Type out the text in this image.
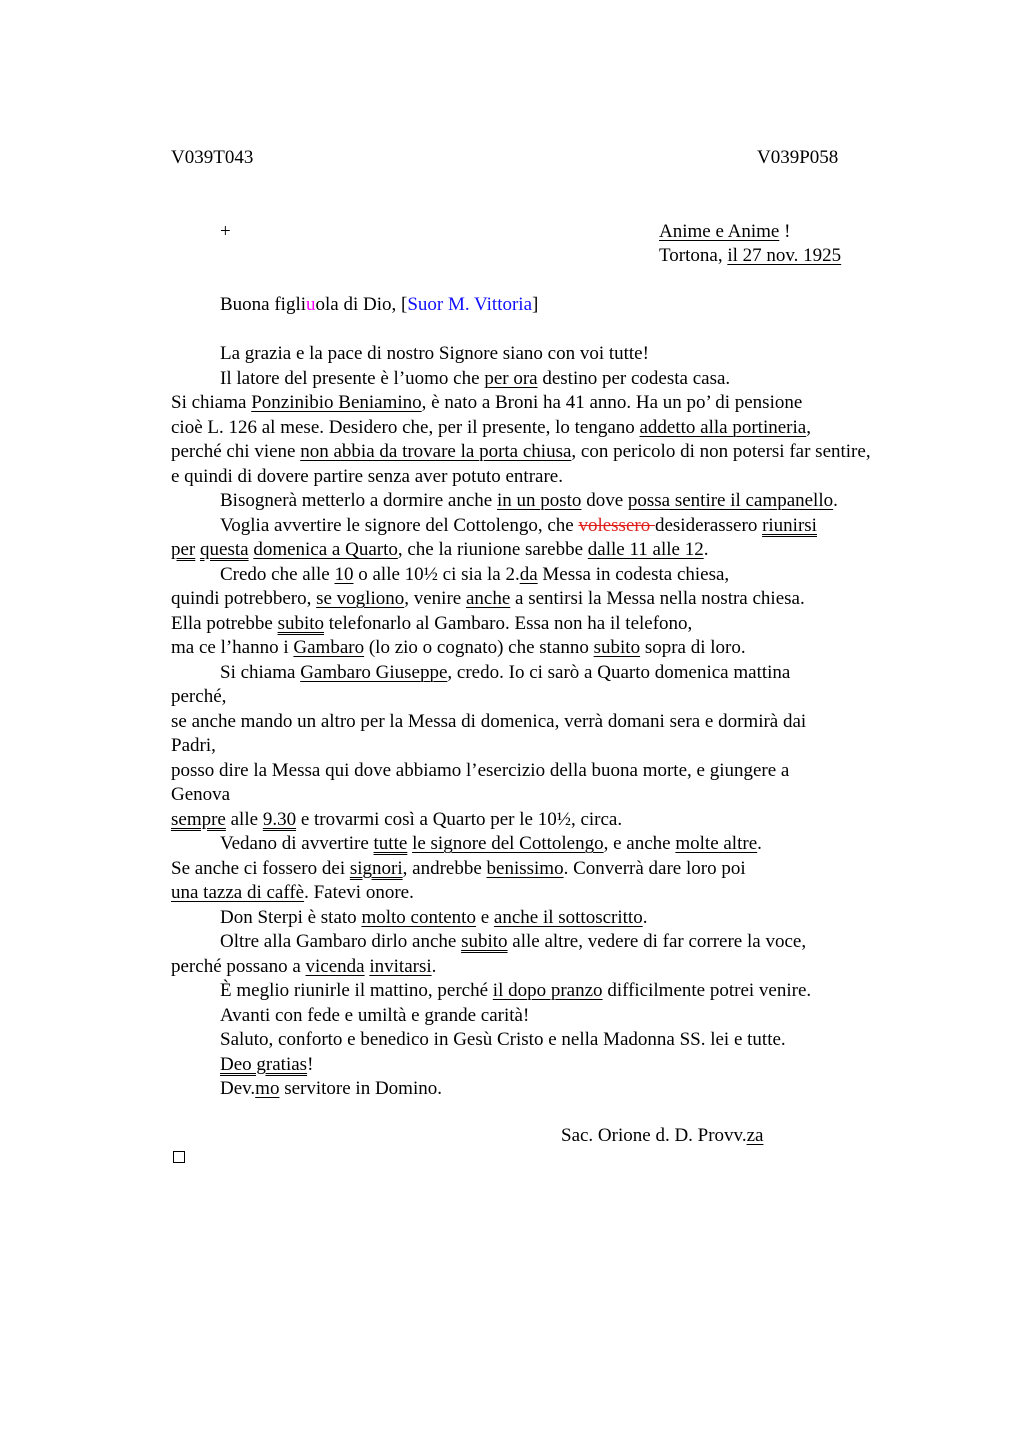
V039T043	V039P058
+	Anime e Anime !
Tortona, il 27 nov. 1925
Buona figliuola di Dio, [Suor M. Vittoria]
La grazia e la pace di nostro Signore siano con voi tutte!
Il latore del presente è l’uomo che per ora destino per codesta casa.
Si chiama Ponzinibio Beniamino, è nato a Broni ha 41 anno. Ha un po’ di pensione
cioè L. 126 al mese. Desidero che, per il presente, lo tengano addetto alla portineria,
perché chi viene non abbia da trovare la porta chiusa, con pericolo di non potersi far sentire,
e quindi di dovere partire senza aver potuto entrare.
Bisognerà metterlo a dormire anche in un posto dove possa sentire il campanello.
Voglia avvertire le signore del Cottolengo, che volessero desiderassero riunirsi
per questa domenica a Quarto, che la riunione sarebbe dalle 11 alle 12.
Credo che alle 10 o alle 10½ ci sia la 2.da Messa in codesta chiesa,
quindi potrebbero, se vogliono, venire anche a sentirsi la Messa nella nostra chiesa.
Ella potrebbe subito telefonarlo al Gambaro. Essa non ha il telefono,
ma ce l’hanno i Gambaro (lo zio o cognato) che stanno subito sopra di loro.
Si chiama Gambaro Giuseppe, credo. Io ci sarò a Quarto domenica mattina
perché,
se anche mando un altro per la Messa di domenica, verrà domani sera e dormirà dai
Padri,
posso dire la Messa qui dove abbiamo l’esercizio della buona morte, e giungere a
Genova
sempre alle 9.30 e trovarmi così a Quarto per le 10½, circa.
Vedano di avvertire tutte le signore del Cottolengo, e anche molte altre.
Se anche ci fossero dei signori, andrebbe benissimo. Converrà dare loro poi
una tazza di caffè. Fatevi onore.
Don Sterpi è stato molto contento e anche il sottoscritto.
Oltre alla Gambaro dirlo anche subito alle altre, vedere di far correre la voce,
perché possano a vicenda invitarsi.
È meglio riunirle il mattino, perché il dopo pranzo difficilmente potrei venire.
Avanti con fede e umiltà e grande carità!
Saluto, conforto e benedico in Gesù Cristo e nella Madonna SS. lei e tutte.
Deo gratias!
Dev.mo servitore in Domino.
Sac. Orione d. D. Provv.za
